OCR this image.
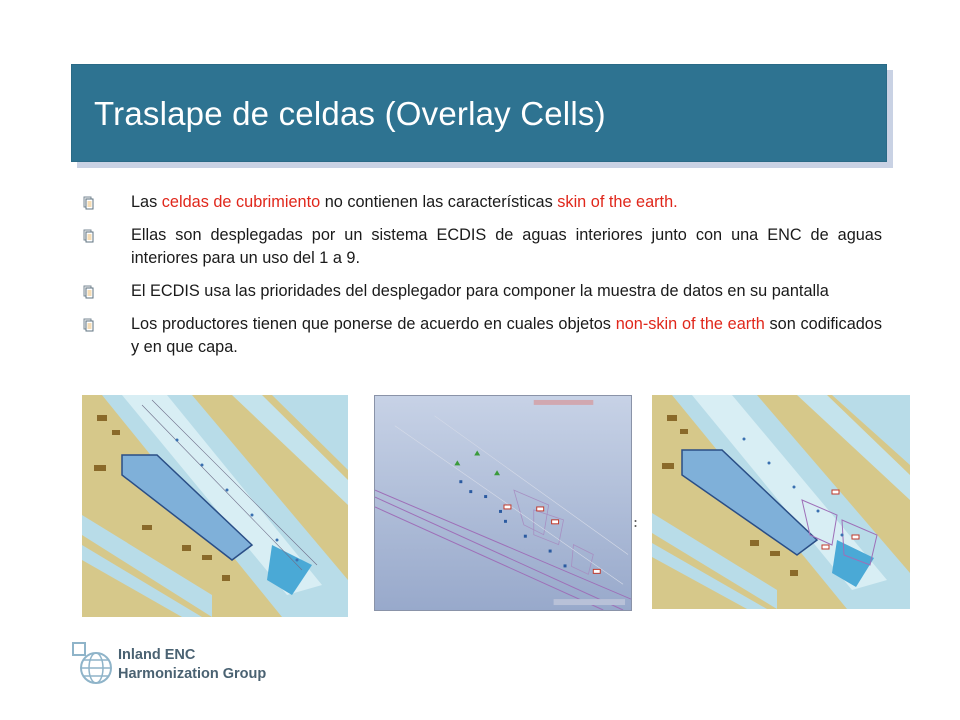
Traslape de celdas (Overlay Cells)
Las celdas de cubrimiento no contienen las características skin of the earth.
Ellas son desplegadas por un sistema ECDIS de aguas interiores junto con una ENC de aguas interiores para un uso del 1 a 9.
El ECDIS usa las prioridades del desplegador para componer la muestra de datos en su pantalla
Los productores tienen que ponerse de acuerdo en cuales objetos non-skin of the earth son codificados y en que capa.
Inland ENC
Harmonization Group
